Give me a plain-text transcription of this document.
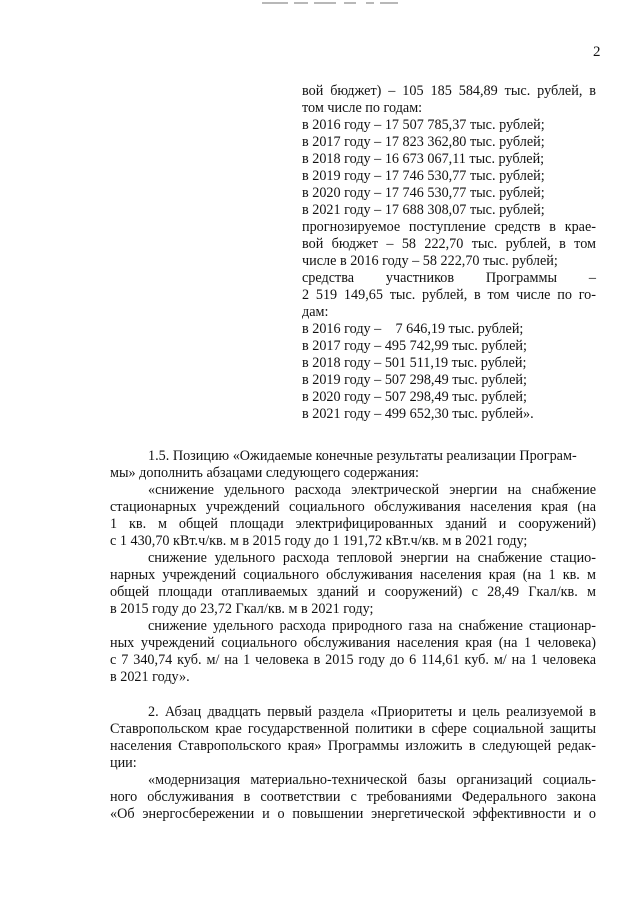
2
вой бюджет) – 105 185 584,89 тыс. рублей, в
том числе по годам:
в 2016 году – 17 507 785,37 тыс. рублей;
в 2017 году – 17 823 362,80 тыс. рублей;
в 2018 году – 16 673 067,11 тыс. рублей;
в 2019 году – 17 746 530,77 тыс. рублей;
в 2020 году – 17 746 530,77 тыс. рублей;
в 2021 году – 17 688 308,07 тыс. рублей;
прогнозируемое поступление средств в крае-
вой бюджет – 58 222,70 тыс. рублей, в том
числе в 2016 году – 58 222,70 тыс. рублей;
средства участников Программы –
2 519 149,65 тыс. рублей, в том числе по го-
дам:
в 2016 году –    7 646,19 тыс. рублей;
в 2017 году – 495 742,99 тыс. рублей;
в 2018 году – 501 511,19 тыс. рублей;
в 2019 году – 507 298,49 тыс. рублей;
в 2020 году – 507 298,49 тыс. рублей;
в 2021 году – 499 652,30 тыс. рублей».
1.5. Позицию «Ожидаемые конечные результаты реализации Програм-
мы» дополнить абзацами следующего содержания:
«снижение удельного расхода электрической энергии на снабжение
стационарных учреждений социального обслуживания населения края (на
1 кв. м общей площади электрифицированных зданий и сооружений)
с 1 430,70 кВт.ч/кв. м в 2015 году до 1 191,72 кВт.ч/кв. м в 2021 году;
снижение удельного расхода тепловой энергии на снабжение стацио-
нарных учреждений социального обслуживания населения края (на 1 кв. м
общей площади отапливаемых зданий и сооружений) с 28,49 Гкал/кв. м
в 2015 году до 23,72 Гкал/кв. м в 2021 году;
снижение удельного расхода природного газа на снабжение стационар-
ных учреждений социального обслуживания населения края (на 1 человека)
с 7 340,74 куб. м/ на 1 человека в 2015 году до 6 114,61 куб. м/ на 1 человека
в 2021 году».
2. Абзац двадцать первый раздела «Приоритеты и цель реализуемой в
Ставропольском крае государственной политики в сфере социальной защиты
населения Ставропольского края» Программы изложить в следующей редак-
ции:
«модернизация материально-технической базы организаций социаль-
ного обслуживания в соответствии с требованиями Федерального закона
«Об энергосбережении и о повышении энергетической эффективности и о
